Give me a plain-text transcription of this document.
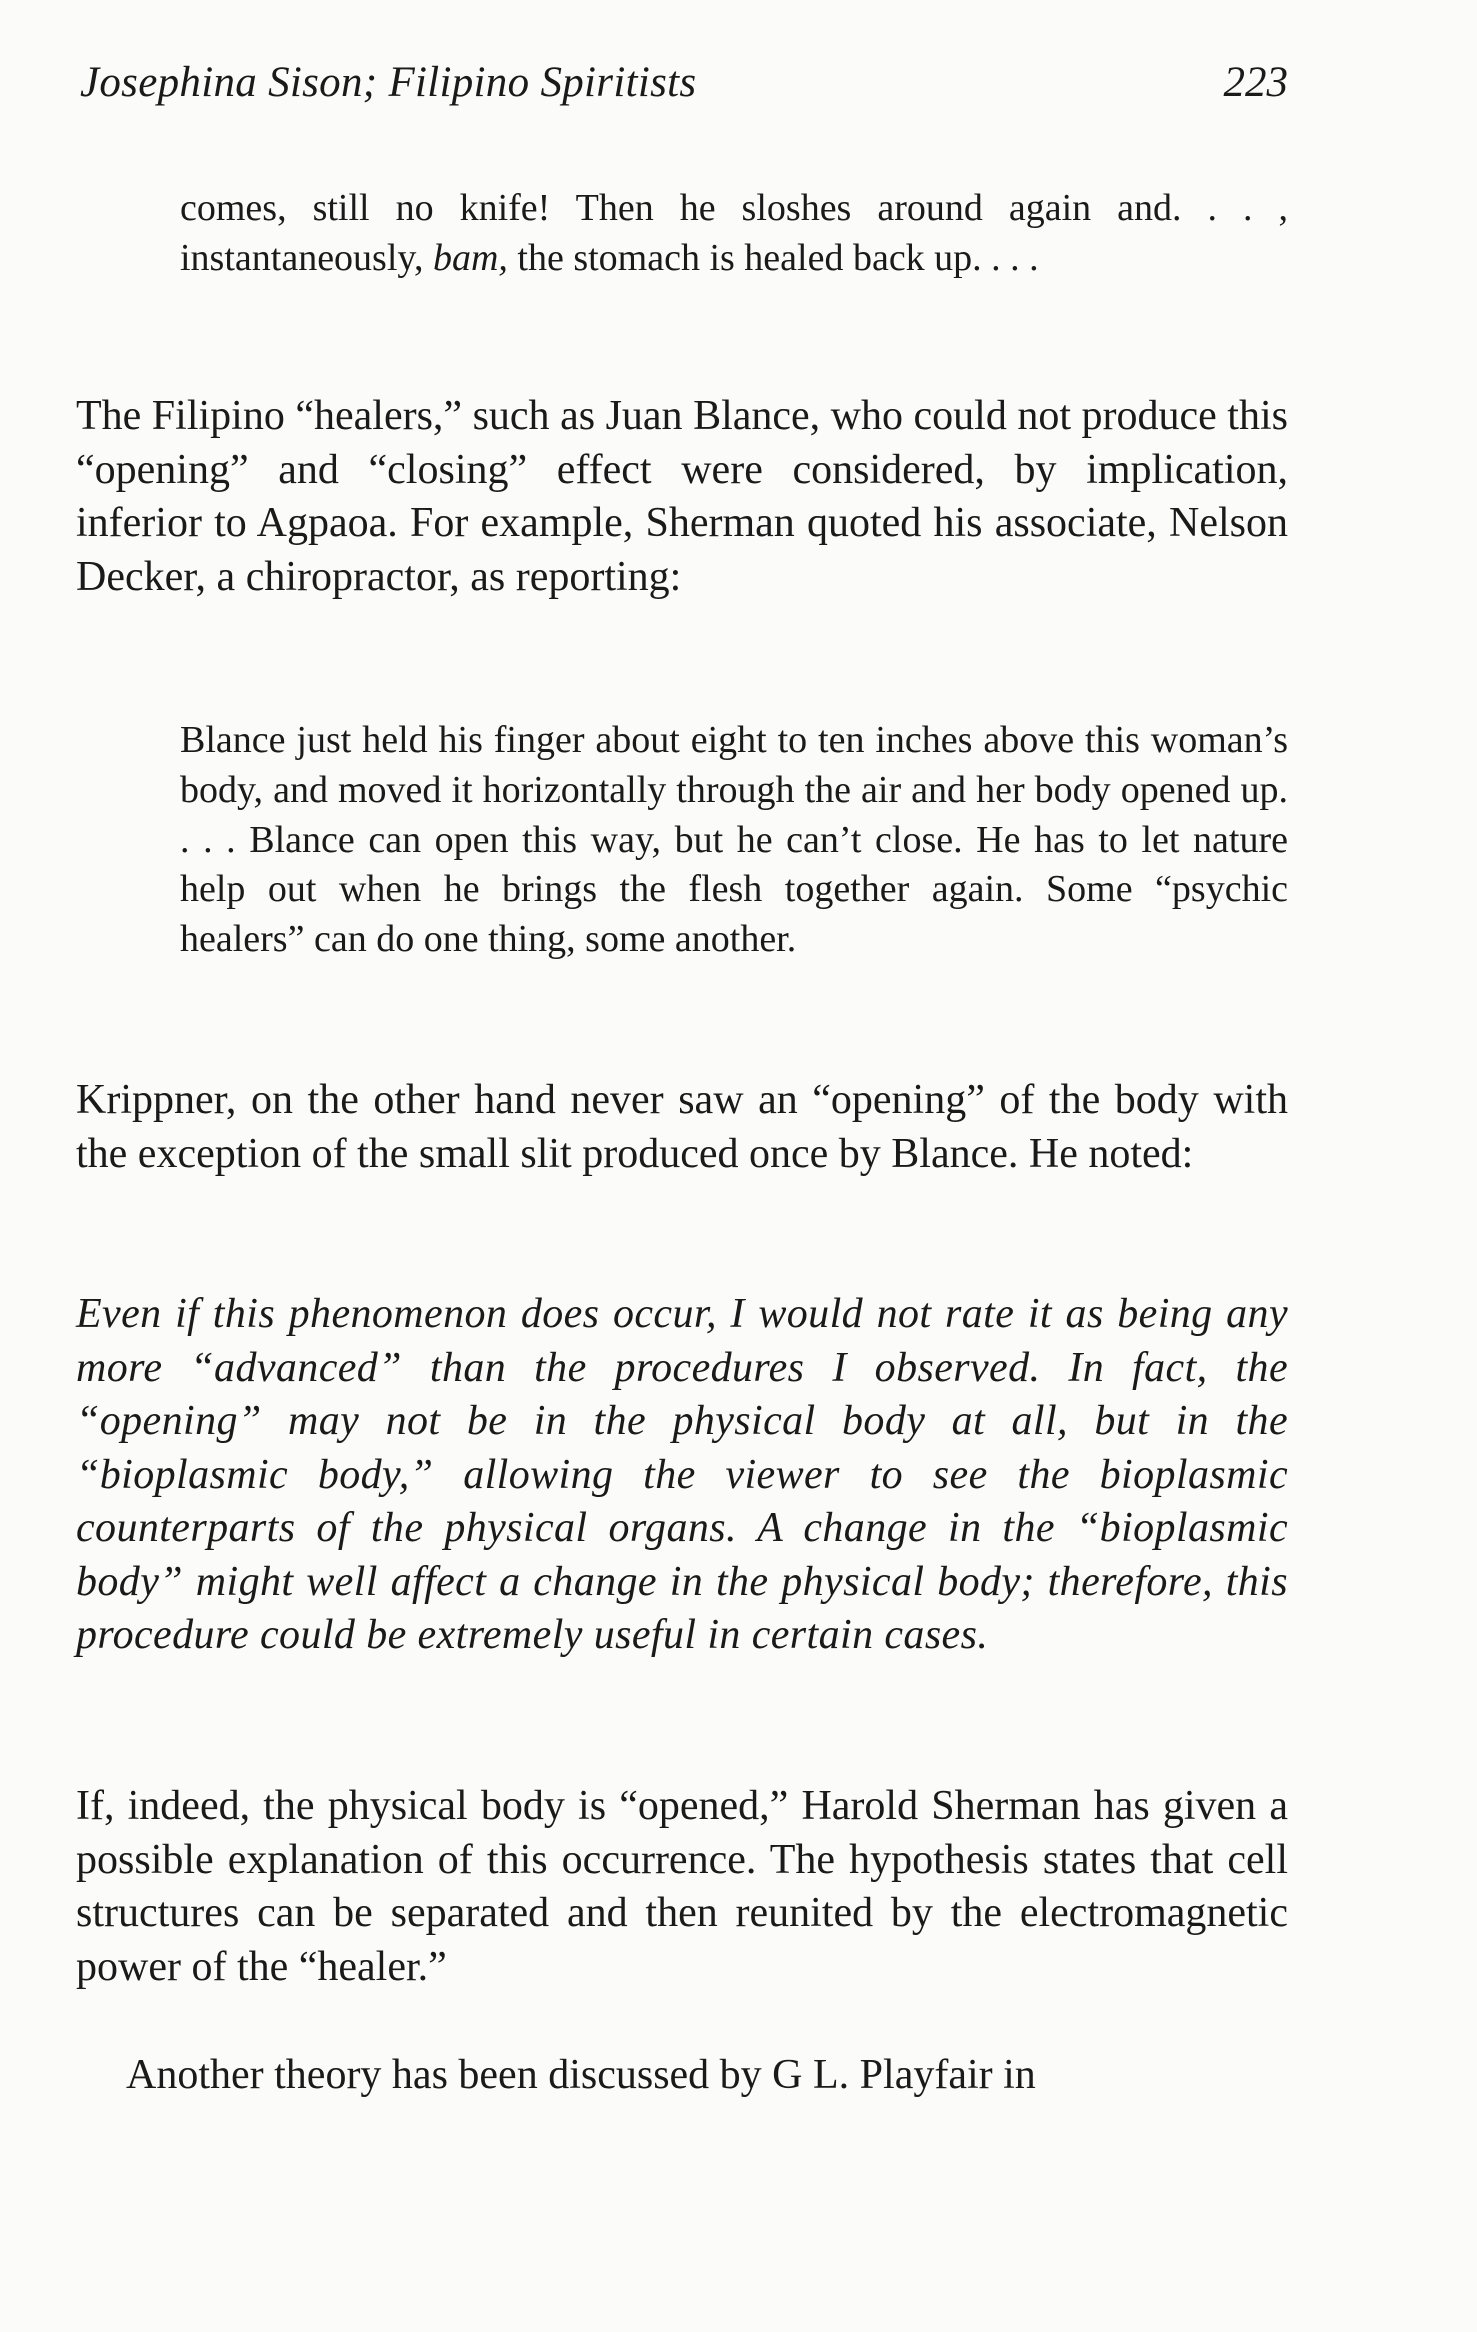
Josephina Sison; Filipino Spiritists	223

comes, still no knife! Then he sloshes around again and. . . , instantaneously, bam, the stomach is healed back up. . . .

The Filipino “healers,” such as Juan Blance, who could not produce this “opening” and “closing” effect were considered, by implication, inferior to Agpaoa. For example, Sherman quoted his associate, Nelson Decker, a chiropractor, as reporting:

Blance just held his finger about eight to ten inches above this woman’s body, and moved it horizontally through the air and her body opened up. . . . Blance can open this way, but he can’t close. He has to let nature help out when he brings the flesh together again. Some “psychic healers” can do one thing, some another.

Krippner, on the other hand never saw an “opening” of the body with the exception of the small slit produced once by Blance. He noted:

Even if this phenomenon does occur, I would not rate it as being any more “advanced” than the procedures I observed. In fact, the “opening” may not be in the physical body at all, but in the “bioplasmic body,” allowing the viewer to see the bioplasmic counterparts of the physical organs. A change in the “bioplasmic body” might well affect a change in the physical body; therefore, this procedure could be extremely useful in certain cases.

If, indeed, the physical body is “opened,” Harold Sherman has given a possible explanation of this occurrence. The hypothesis states that cell structures can be separated and then reunited by the electromagnetic power of the “healer.”

Another theory has been discussed by G L. Playfair in
